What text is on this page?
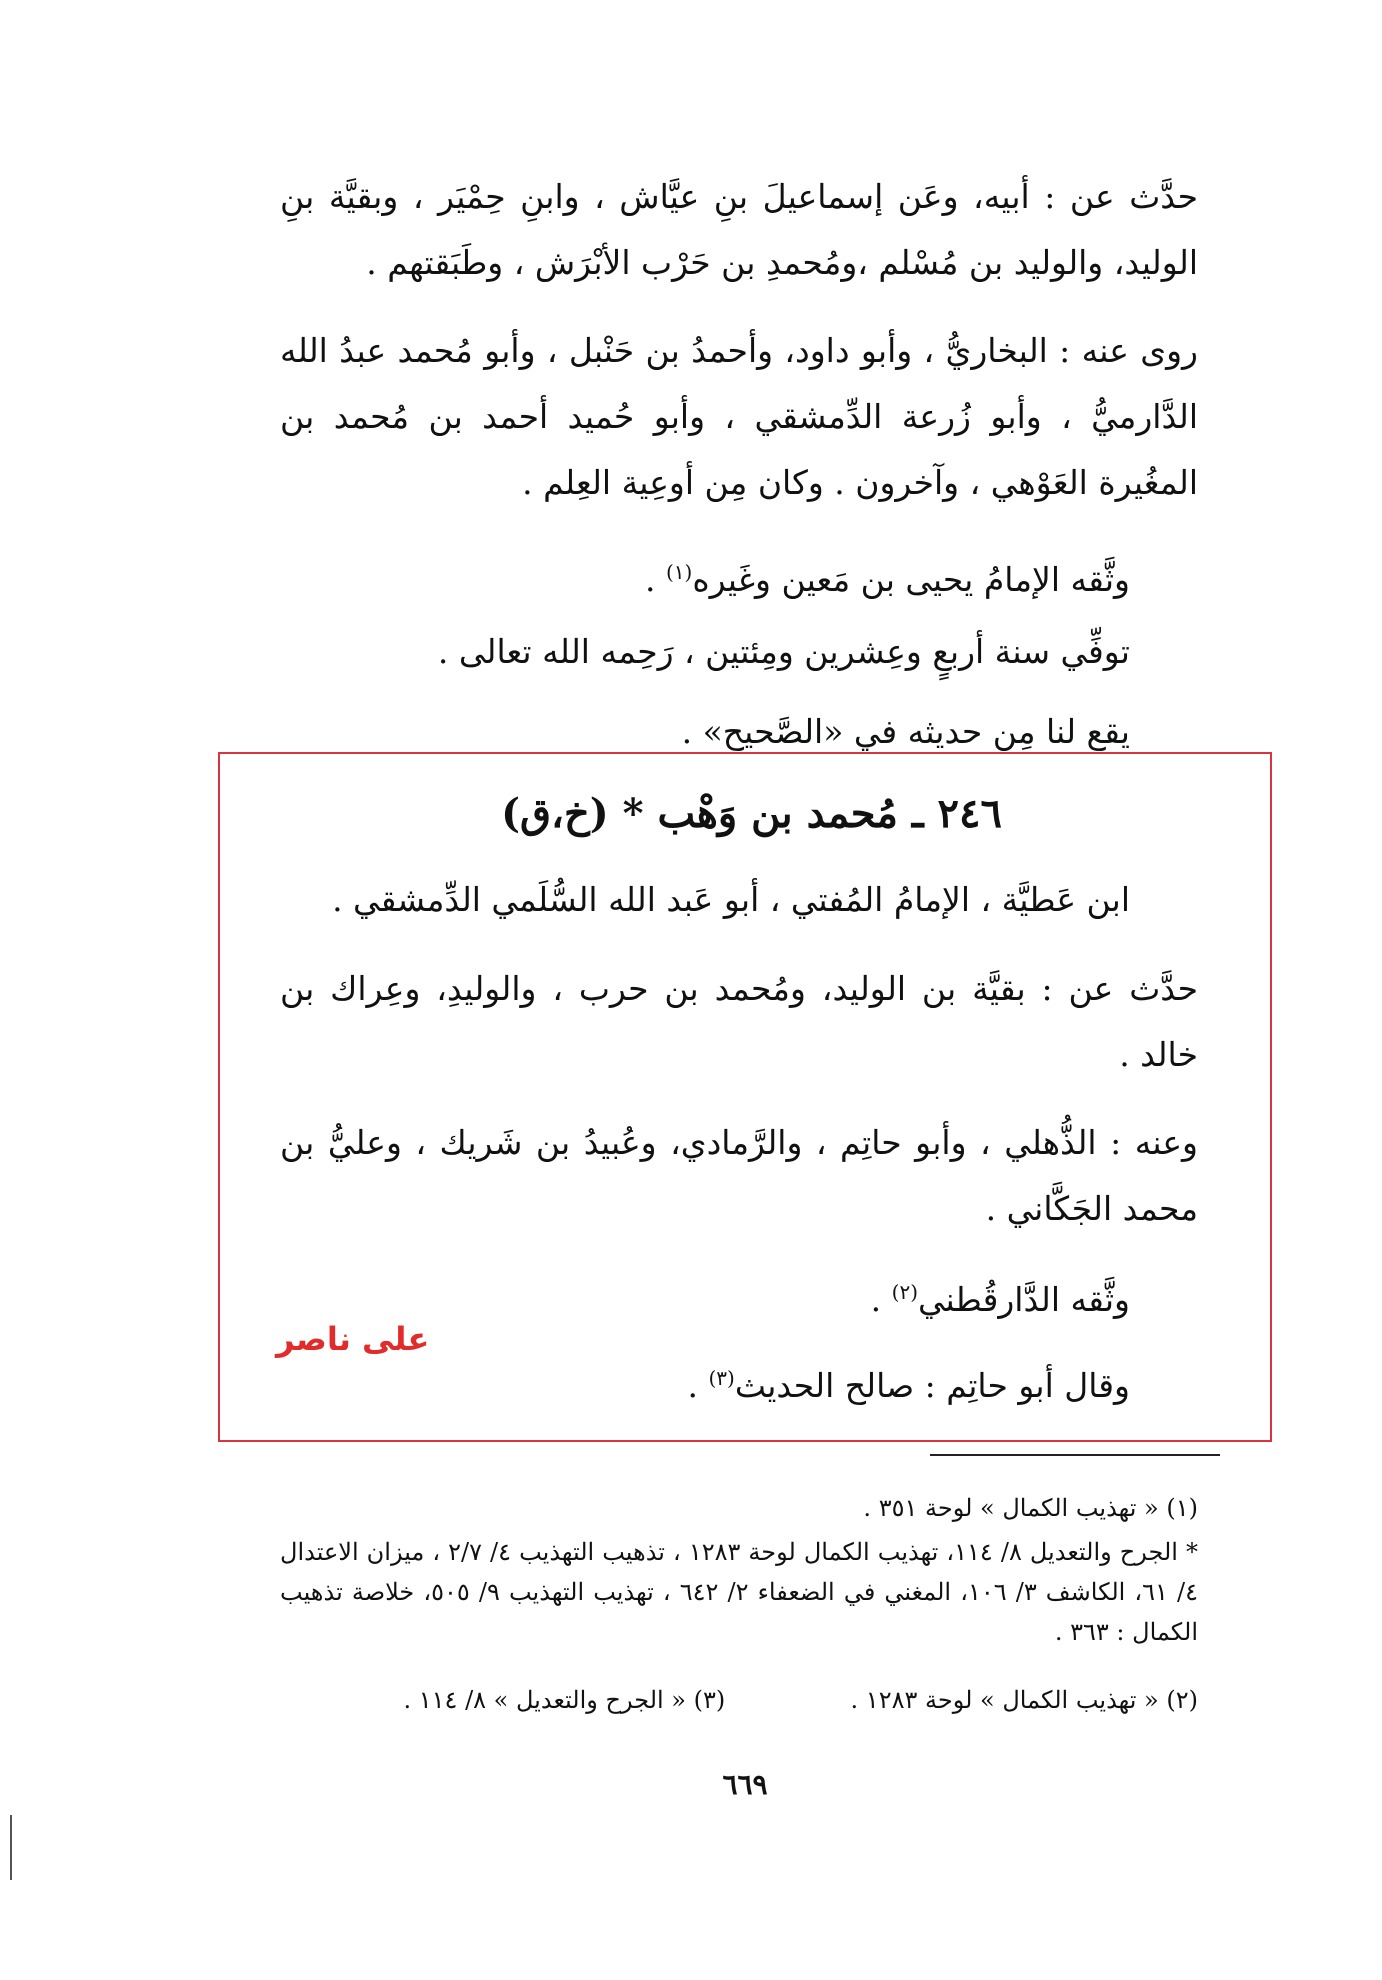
حدَّث عن : أبيه، وعَن إسماعيلَ بنِ عيَّاش ، وابنِ حِمْيَر ، وبقيَّة بنِ الوليد، والوليد بن مُسْلم ،ومُحمدِ بن حَرْب الأبْرَش ، وطَبَقتهم .

روى عنه : البخاريُّ ، وأبو داود، وأحمدُ بن حَنْبل ، وأبو مُحمد عبدُ الله الدَّارميُّ ، وأبو زُرعة الدِّمشقي ، وأبو حُميد أحمد بن مُحمد بن المغُيرة العَوْهي ، وآخرون . وكان مِن أوعِية العِلم .

وثَّقه الإمامُ يحيى بن مَعين وغَيره$^{(١)}$ .

توفِّي سنة أربعٍ وعِشرين ومِئتين ، رَحِمه الله تعالى .

يقع لنا مِن حديثه في «الصَّحيح» .

٢٤٦ ـ مُحمد بن وَهْب * (خ،ق)

ابن عَطيَّة ، الإمامُ المُفتي ، أبو عَبد الله السُّلَمي الدِّمشقي .

حدَّث عن : بقيَّة بن الوليد، ومُحمد بن حرب ، والوليدِ، وعِراك بن خالد .

وعنه : الذُّهلي ، وأبو حاتِم ، والرَّمادي، وعُبيدُ بن شَريك ، وعليُّ بن محمد الجَكَّاني .

وثَّقه الدَّارقُطني$^{(٢)}$ .

على ناصر

وقال أبو حاتِم : صالح الحديث$^{(٣)}$ .

(١) « تهذيب الكمال » لوحة ٣٥١ .

* الجرح والتعديل ٨/ ١١٤، تهذيب الكمال لوحة ١٢٨٣ ، تذهيب التهذيب ٤/ ٢/٧ ، ميزان الاعتدال ٤/ ٦١، الكاشف ٣/ ١٠٦، المغني في الضعفاء ٢/ ٦٤٢ ، تهذيب التهذيب ٩/ ٥٠٥، خلاصة تذهيب الكمال : ٣٦٣ .

(٢) « تهذيب الكمال » لوحة ١٢٨٣ .  (٣) « الجرح والتعديل » ٨/ ١١٤ .
٦٦٩
